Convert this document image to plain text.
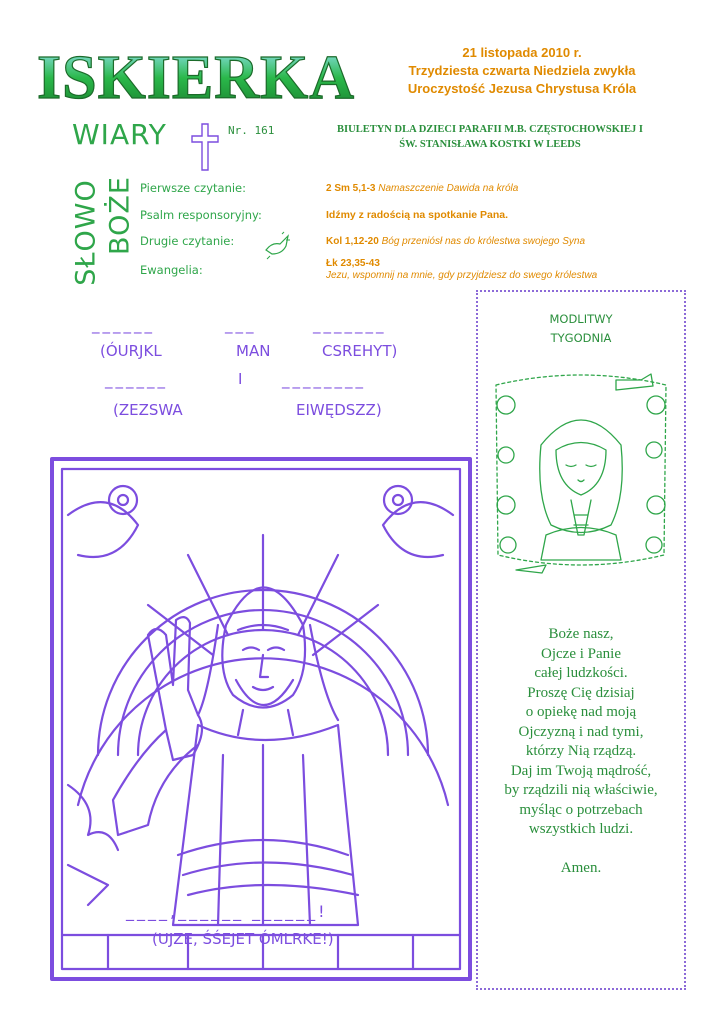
ISKIERKA	21 listopada 2010 r.
Trzydziesta czwarta Niedziela zwykła
Uroczystość Jezusa Chrystusa Króla
WIARY	Nr. 161	BIULETYN DLA DZIECI PARAFII M.B. CZĘSTOCHOWSKIEJ I
ŚW. STANISŁAWA KOSTKI W LEEDS
SŁOWO BOŻE Pierwsze czytanie:	2 Sm 5,1-3 Namaszczenie Dawida na króla
Psalm responsoryjny:	Idźmy z radością na spotkanie Pana.
Drugie czytanie:	Kol 1,12-20 Bóg przeniósł nas do królestwa swojego Syna
Ewangelia:	Łk 23,35-43
Jezu, wspomnij na mnie, gdy przyjdziesz do swego królestwa
______	___	_______
(ÓURJKL	MAN	CSREHYT)
______	I	________
(ZEZSWA	EIWĘDSZZ)
____,______ ______!
(UJZE, ŚŚEJET ÓMLRKE!)
MODLITWY
TYGODNIA
Boże nasz,
Ojcze i Panie
całej ludzkości.
Proszę Cię dzisiaj
o opiekę nad moją
Ojczyzną i nad tymi,
którzy Nią rządzą.
Daj im Twoją mądrość,
by rządzili nią właściwie,
myśląc o potrzebach
wszystkich ludzi.
Amen.
